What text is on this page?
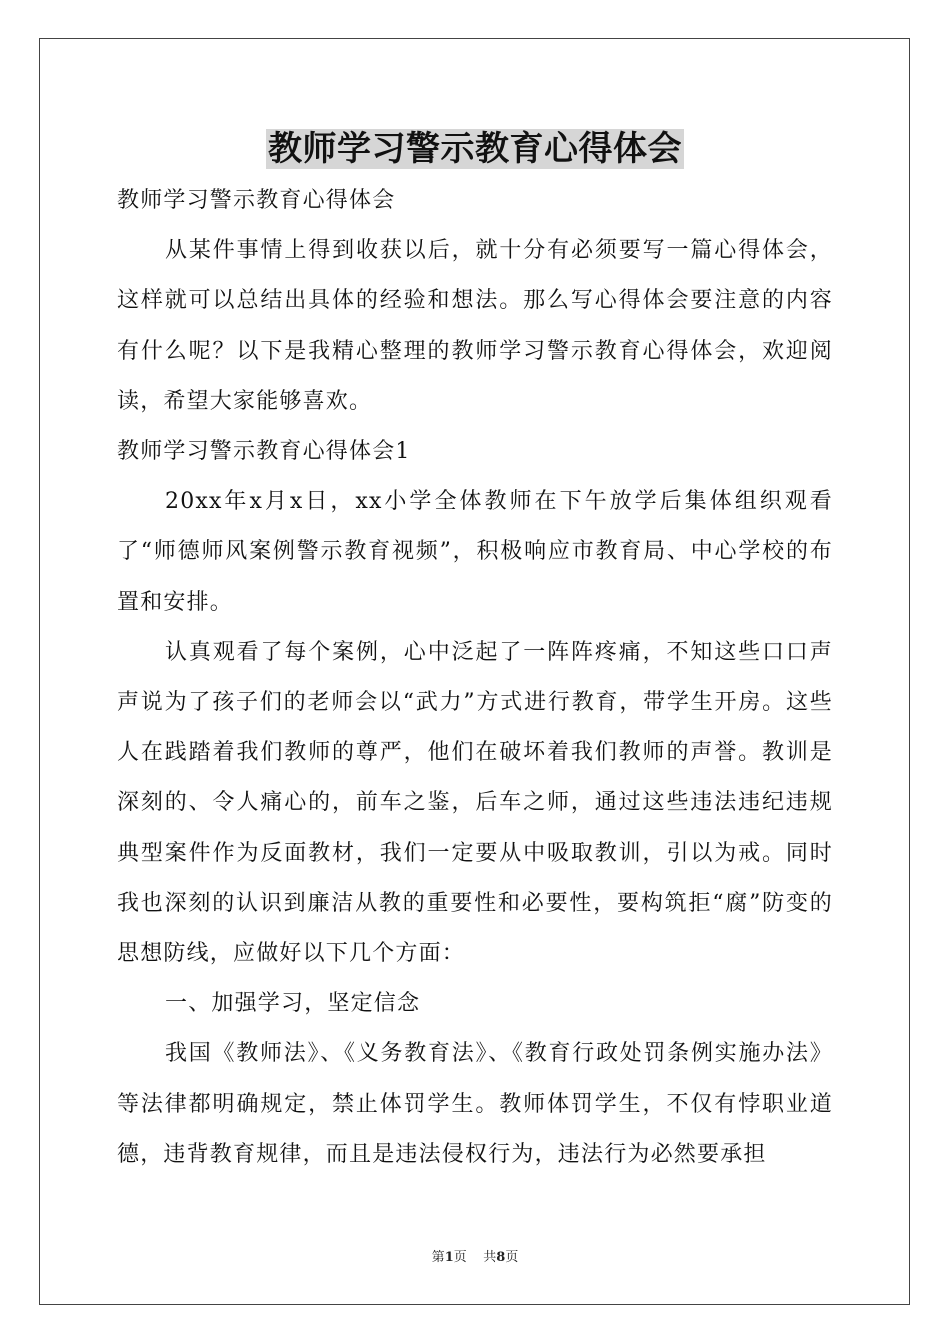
教师学习警示教育心得体会

教师学习警示教育心得体会

从某件事情上得到收获以后，就十分有必须要写一篇心得体会，这样就可以总结出具体的经验和想法。那么写心得体会要注意的内容有什么呢？以下是我精心整理的教师学习警示教育心得体会，欢迎阅读，希望大家能够喜欢。

教师学习警示教育心得体会1

20xx年x月x日，xx小学全体教师在下午放学后集体组织观看了“师德师风案例警示教育视频”，积极响应市教育局、中心学校的布置和安排。

认真观看了每个案例，心中泛起了一阵阵疼痛，不知这些口口声声说为了孩子们的老师会以“武力”方式进行教育，带学生开房。这些人在践踏着我们教师的尊严，他们在破坏着我们教师的声誉。教训是深刻的、令人痛心的，前车之鉴，后车之师，通过这些违法违纪违规典型案件作为反面教材，我们一定要从中吸取教训，引以为戒。同时我也深刻的认识到廉洁从教的重要性和必要性，要构筑拒“腐”防变的思想防线，应做好以下几个方面：

一、加强学习，坚定信念

我国《教师法》、《义务教育法》、《教育行政处罚条例实施办法》等法律都明确规定，禁止体罚学生。教师体罚学生，不仅有悖职业道德，违背教育规律，而且是违法侵权行为，违法行为必然要承担

第1页    共8页
